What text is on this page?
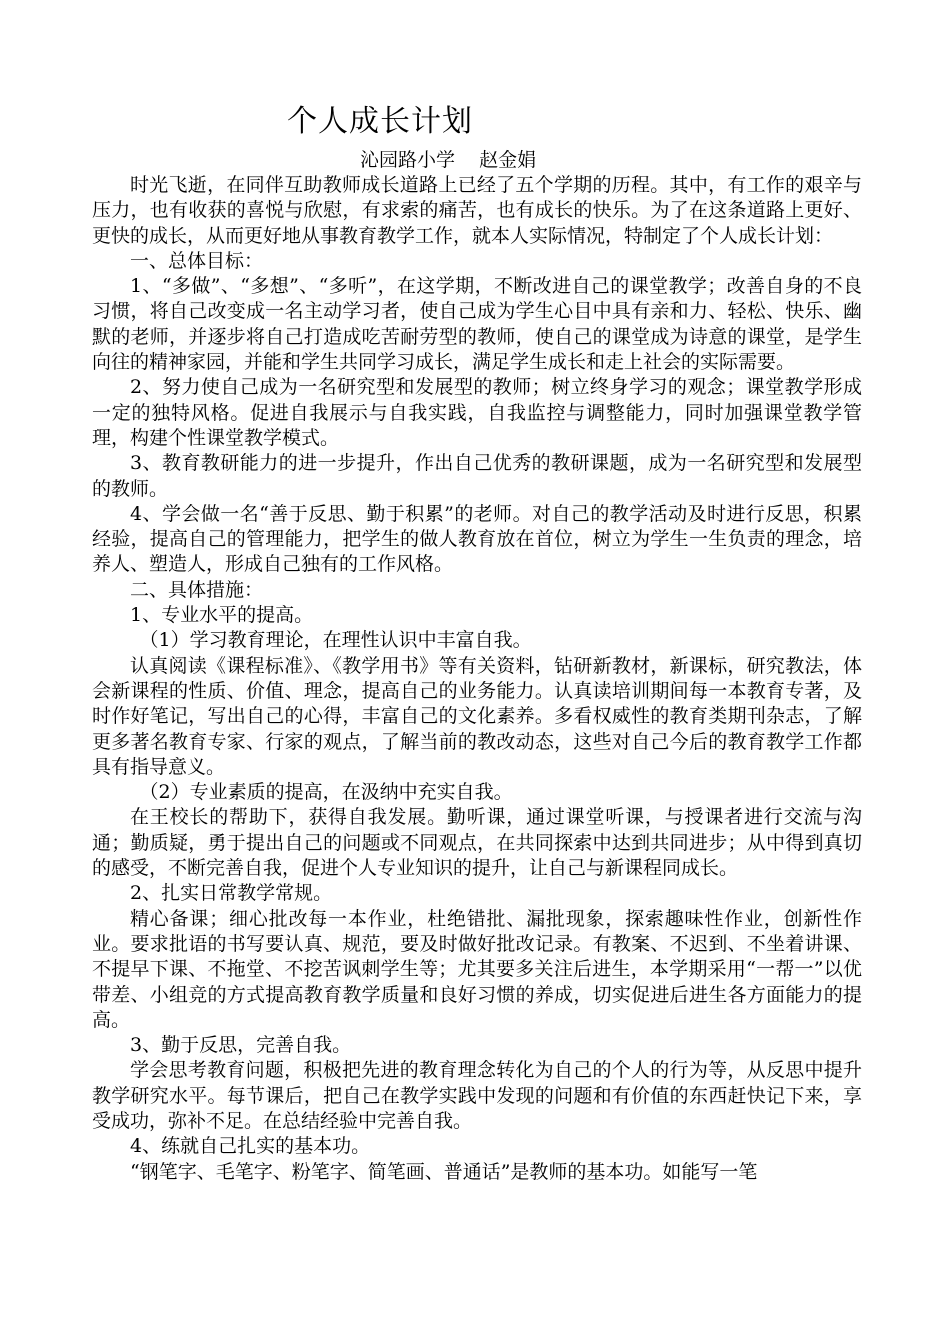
个人成长计划

沁园路小学    赵金娟

时光飞逝，在同伴互助教师成长道路上已经了五个学期的历程。其中，有工作的艰辛与压力，也有收获的喜悦与欣慰，有求索的痛苦，也有成长的快乐。为了在这条道路上更好、更快的成长，从而更好地从事教育教学工作，就本人实际情况，特制定了个人成长计划：

一、总体目标：

1、“多做”、“多想”、“多听”，在这学期，不断改进自己的课堂教学；改善自身的不良习惯，将自己改变成一名主动学习者，使自己成为学生心目中具有亲和力、轻松、快乐、幽默的老师，并逐步将自己打造成吃苦耐劳型的教师，使自己的课堂成为诗意的课堂，是学生向往的精神家园，并能和学生共同学习成长，满足学生成长和走上社会的实际需要。

2、努力使自己成为一名研究型和发展型的教师；树立终身学习的观念；课堂教学形成一定的独特风格。促进自我展示与自我实践，自我监控与调整能力，同时加强课堂教学管理，构建个性课堂教学模式。

3、教育教研能力的进一步提升，作出自己优秀的教研课题，成为一名研究型和发展型的教师。

4、学会做一名“善于反思、勤于积累”的老师。对自己的教学活动及时进行反思，积累经验，提高自己的管理能力，把学生的做人教育放在首位，树立为学生一生负责的理念，培养人、塑造人，形成自己独有的工作风格。

二、具体措施：

1、专业水平的提高。

（1）学习教育理论，在理性认识中丰富自我。

认真阅读《课程标准》、《教学用书》等有关资料，钻研新教材，新课标，研究教法，体会新课程的性质、价值、理念，提高自己的业务能力。认真读培训期间每一本教育专著，及时作好笔记，写出自己的心得，丰富自己的文化素养。多看权威性的教育类期刊杂志，了解更多著名教育专家、行家的观点，了解当前的教改动态，这些对自己今后的教育教学工作都具有指导意义。

（2）专业素质的提高，在汲纳中充实自我。

在王校长的帮助下，获得自我发展。勤听课，通过课堂听课，与授课者进行交流与沟通；勤质疑，勇于提出自己的问题或不同观点，在共同探索中达到共同进步；从中得到真切的感受，不断完善自我，促进个人专业知识的提升，让自己与新课程同成长。

2、扎实日常教学常规。

精心备课；细心批改每一本作业，杜绝错批、漏批现象，探索趣味性作业，创新性作业。要求批语的书写要认真、规范，要及时做好批改记录。有教案、不迟到、不坐着讲课、不提早下课、不拖堂、不挖苦讽刺学生等；尤其要多关注后进生，本学期采用“一帮一”以优带差、小组竞的方式提高教育教学质量和良好习惯的养成，切实促进后进生各方面能力的提高。

3、勤于反思，完善自我。

学会思考教育问题，积极把先进的教育理念转化为自己的个人的行为等，从反思中提升教学研究水平。每节课后，把自己在教学实践中发现的问题和有价值的东西赶快记下来，享受成功，弥补不足。在总结经验中完善自我。

4、练就自己扎实的基本功。

“钢笔字、毛笔字、粉笔字、简笔画、普通话”是教师的基本功。如能写一笔
